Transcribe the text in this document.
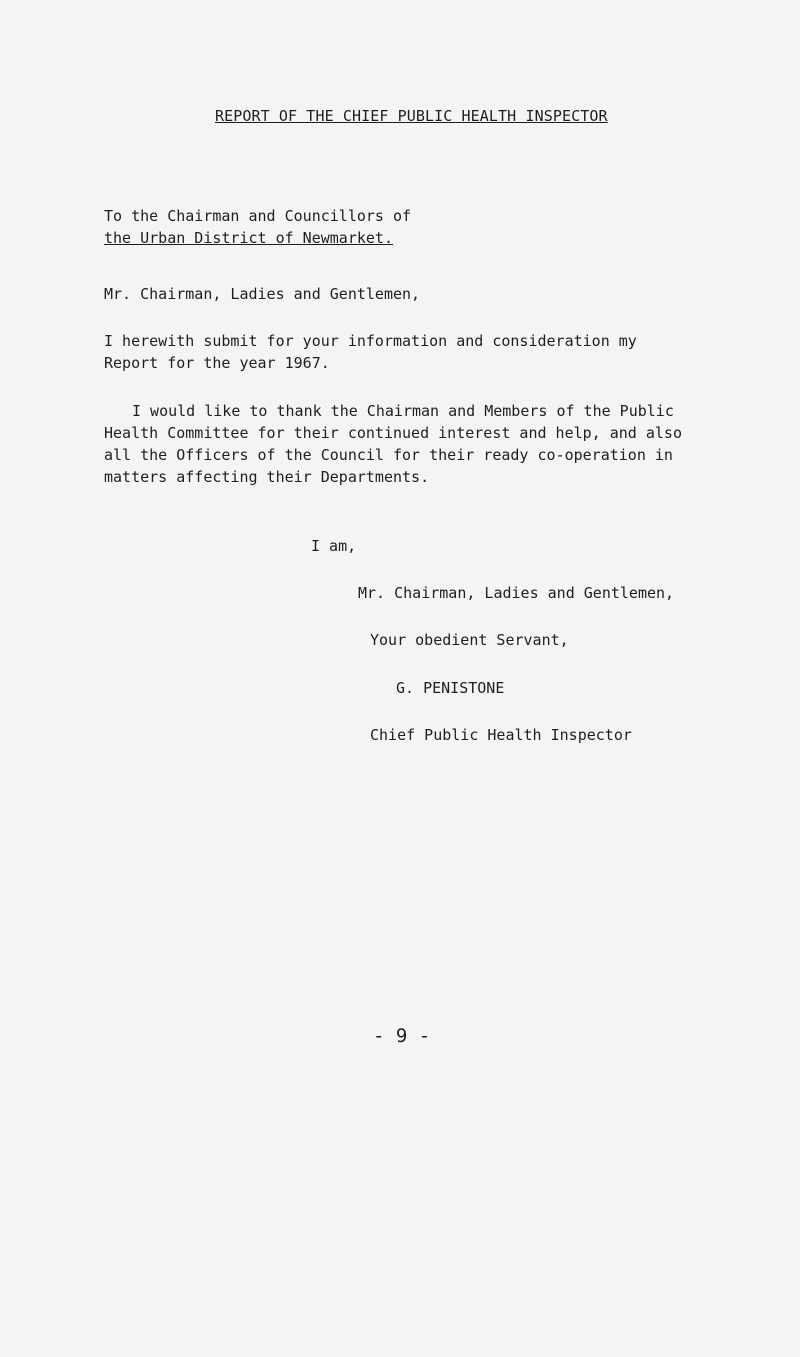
REPORT OF THE CHIEF PUBLIC HEALTH INSPECTOR
To the Chairman and Councillors of
the Urban District of Newmarket.
Mr. Chairman, Ladies and Gentlemen,
I herewith submit for your information and consideration my
Report for the year 1967.
I would like to thank the Chairman and Members of the Public
Health Committee for their continued interest and help, and also
all the Officers of the Council for their ready co-operation in
matters affecting their Departments.
I am,
Mr. Chairman, Ladies and Gentlemen,
Your obedient Servant,
G. PENISTONE
Chief Public Health Inspector
- 9 -
